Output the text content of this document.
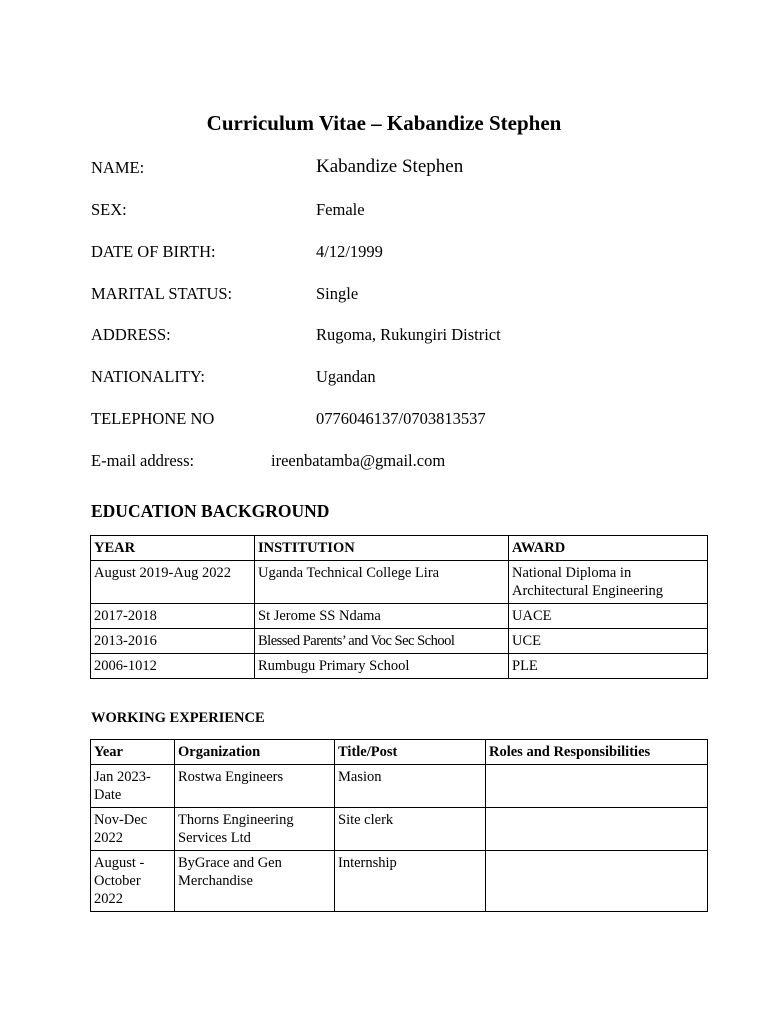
Curriculum Vitae – Kabandize Stephen
NAME:	Kabandize Stephen
SEX:	Female
DATE OF BIRTH:	4/12/1999
MARITAL STATUS:	Single
ADDRESS:	Rugoma, Rukungiri District
NATIONALITY:	Ugandan
TELEPHONE NO	0776046137/0703813537
E-mail address:	ireenbatamba@gmail.com
EDUCATION BACKGROUND
YEAR	INSTITUTION	AWARD
August 2019-Aug 2022	Uganda Technical College Lira	National Diploma in Architectural Engineering
2017-2018	St Jerome SS Ndama	UACE
2013-2016	Blessed Parents’ and Voc Sec School	UCE
2006-1012	Rumbugu Primary School	PLE
WORKING EXPERIENCE
Year	Organization	Title/Post	Roles and Responsibilities
Jan 2023-Date	Rostwa Engineers	Masion	
Nov-Dec 2022	Thorns Engineering Services Ltd	Site clerk	
August - October 2022	ByGrace and Gen Merchandise	Internship	
